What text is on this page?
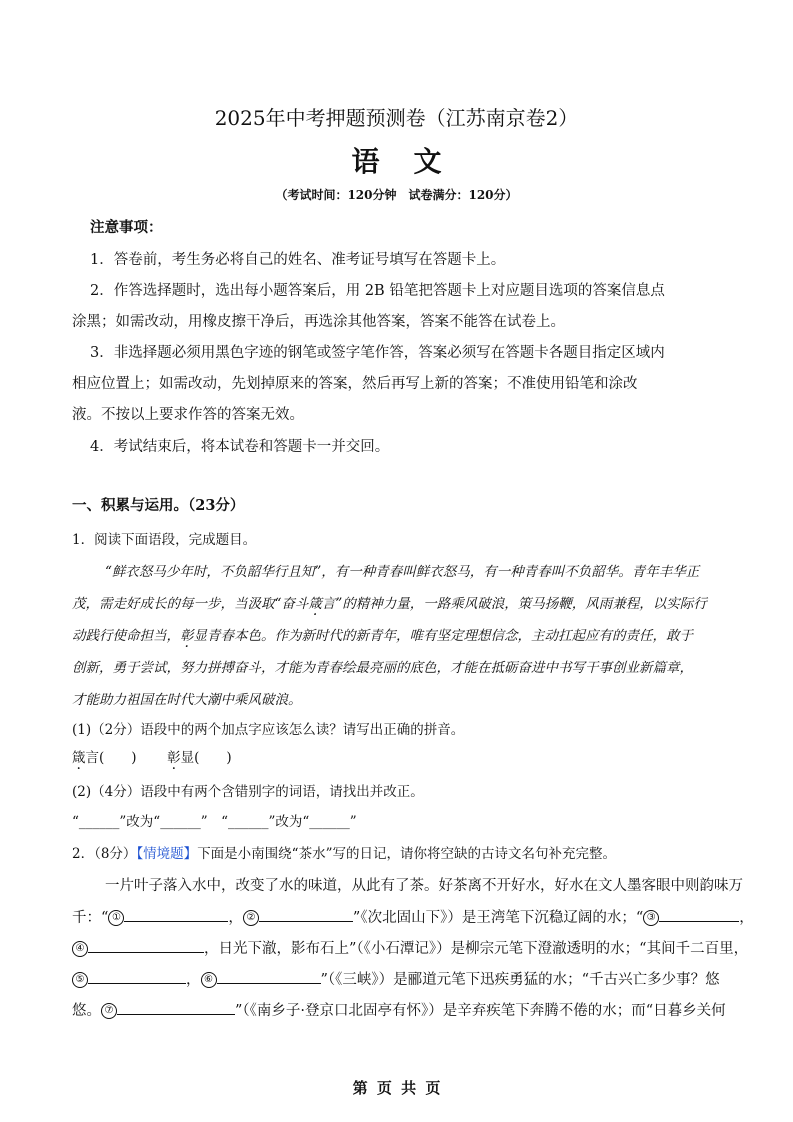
2025年中考押题预测卷（江苏南京卷2）
语文
（考试时间：120分钟　试卷满分：120分）
注意事项：
1．答卷前，考生务必将自己的姓名、准考证号填写在答题卡上。
2．作答选择题时，选出每小题答案后，用 2B 铅笔把答题卡上对应题目选项的答案信息点
涂黑；如需改动，用橡皮擦干净后，再选涂其他答案，答案不能答在试卷上。
3．非选择题必须用黑色字迹的钢笔或签字笔作答，答案必须写在答题卡各题目指定区域内
相应位置上；如需改动，先划掉原来的答案，然后再写上新的答案；不准使用铅笔和涂改
液。不按以上要求作答的答案无效。
4．考试结束后，将本试卷和答题卡一并交回。
一、积累与运用。（23分）
1．阅读下面语段，完成题目。
“鲜衣怒马少年时，不负韶华行且知”，有一种青春叫鲜衣怒马，有一种青春叫不负韶华。青年丰华正
茂，需走好成长的每一步，当汲取“奋斗箴言”的精神力量，一路乘风破浪，策马扬鞭，风雨兼程，以实际行
动践行使命担当，彰显青春本色。作为新时代的新青年，唯有坚定理想信念，主动扛起应有的责任，敢于
创新，勇于尝试，努力拼搏奋斗，才能为青春绘最亮丽的底色，才能在抵砺奋进中书写干事创业新篇章，
才能助力祖国在时代大潮中乘风破浪。
(1)（2分）语段中的两个加点字应该怎么读？请写出正确的拼音。
箴言(　　) 彰显(　　)
(2)（4分）语段中有两个含错别字的词语，请找出并改正。
“______”改为“______”　“______”改为“______”
2．（8分）【情境题】下面是小南围绕“茶水”写的日记，请你将空缺的古诗文名句补充完整。
一片叶子落入水中，改变了水的味道，从此有了茶。好茶离不开好水，好水在文人墨客眼中则韵味万
千：“ ①	， ②	”《次北固山下》）是王湾笔下沉稳辽阔的水；“ ③	，
④	，日光下澈，影布石上”（《小石潭记》）是柳宗元笔下澄澈透明的水；“其间千二百里，
⑤	， ⑥	”（《三峡》）是郦道元笔下迅疾勇猛的水；“千古兴亡多少事？悠
悠。 ⑦	”（《南乡子·登京口北固亭有怀》）是辛弃疾笔下奔腾不倦的水；而“日暮乡关何
第 页 共 页
